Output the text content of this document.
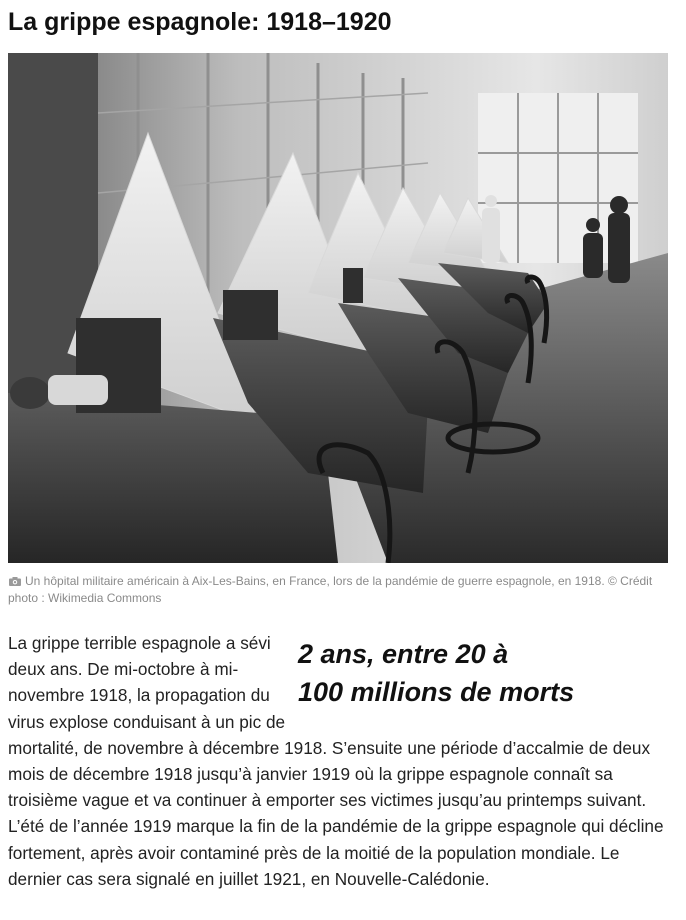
La grippe espagnole: 1918–1920
Un hôpital militaire américain à Aix-Les-Bains, en France, lors de la pandémie de guerre espagnole, en 1918. © Crédit photo : Wikimedia Commons
2 ans, entre 20 à
100 millions de morts

La grippe terrible espagnole a sévi deux ans. De mi-octobre à mi-novembre 1918, la propagation du virus explose conduisant à un pic de mortalité, de novembre à décembre 1918. S’ensuite une période d’accalmie de deux mois de décembre 1918 jusqu’à janvier 1919 où la grippe espagnole connaît sa troisième vague et va continuer à emporter ses victimes jusqu’au printemps suivant. L’été de l’année 1919 marque la fin de la pandémie de la grippe espagnole qui décline fortement, après avoir contaminé près de la moitié de la population mondiale. Le dernier cas sera signalé en juillet 1921, en Nouvelle-Calédonie.
